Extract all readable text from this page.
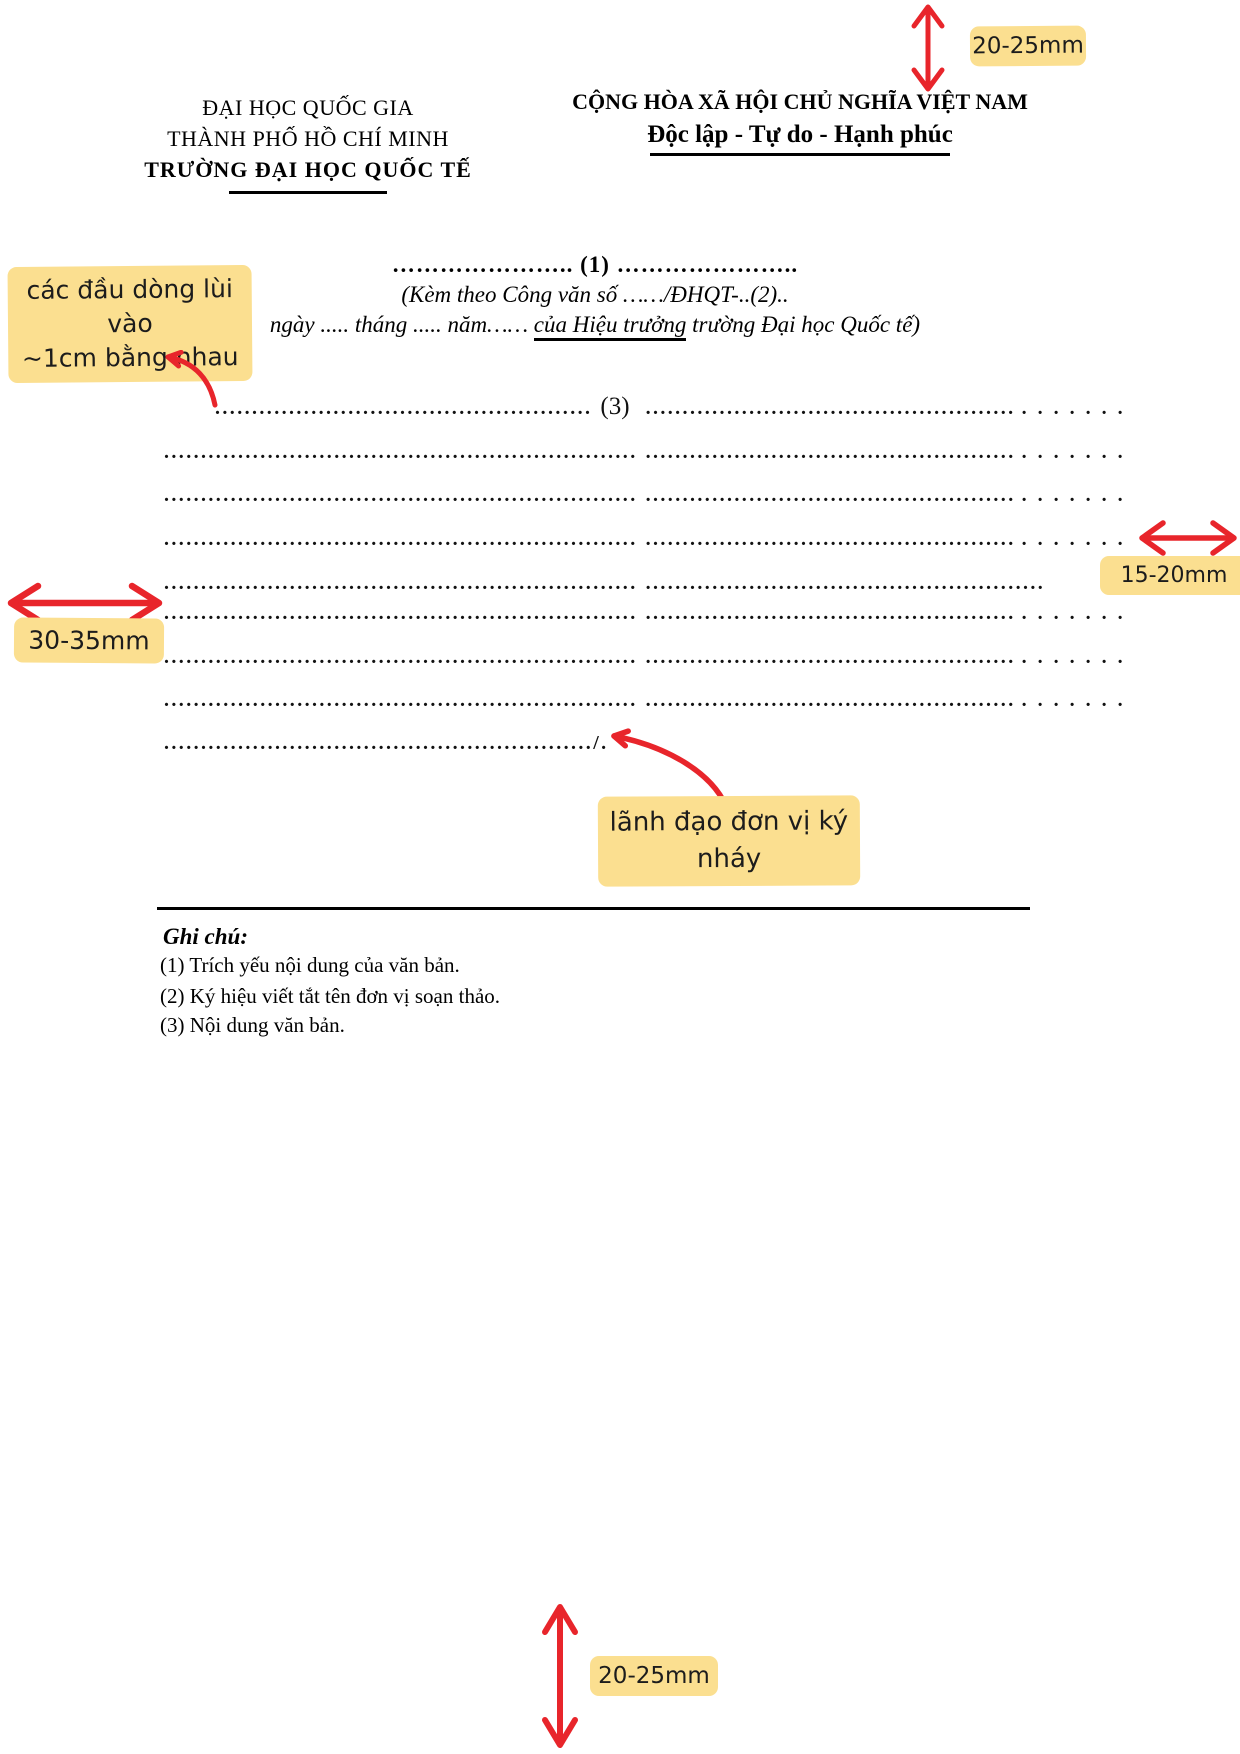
20-25mm
ĐẠI HỌC QUỐC GIA
THÀNH PHỐ HỒ CHÍ MINH
TRƯỜNG ĐẠI HỌC QUỐC TẾ
CỘNG HÒA XÃ HỘI CHỦ NGHĨA VIỆT NAM
Độc lập - Tự do - Hạnh phúc
………………….. (1) …………………..
(Kèm theo Công văn số ……/ĐHQT-..(2)..
ngày ..... tháng ..... năm…… của Hiệu trưởng trường Đại học Quốc tế)
các đầu dòng lùi vào
~1cm bằng nhau
................................................... (3) .................................................. .......
................................................................ .................................................. .......
................................................................ .................................................. .......
................................................................ .................................................. .......
................................................................ ......................................................
................................................................ .................................................. .......
................................................................ .................................................. .......
................................................................ .................................................. .......
........................................................../.
15-20mm
30-35mm
lãnh đạo đơn vị ký
nháy
Ghi chú:
(1) Trích yếu nội dung của văn bản.
(2) Ký hiệu viết tắt tên đơn vị soạn thảo.
(3) Nội dung văn bản.
20-25mm
